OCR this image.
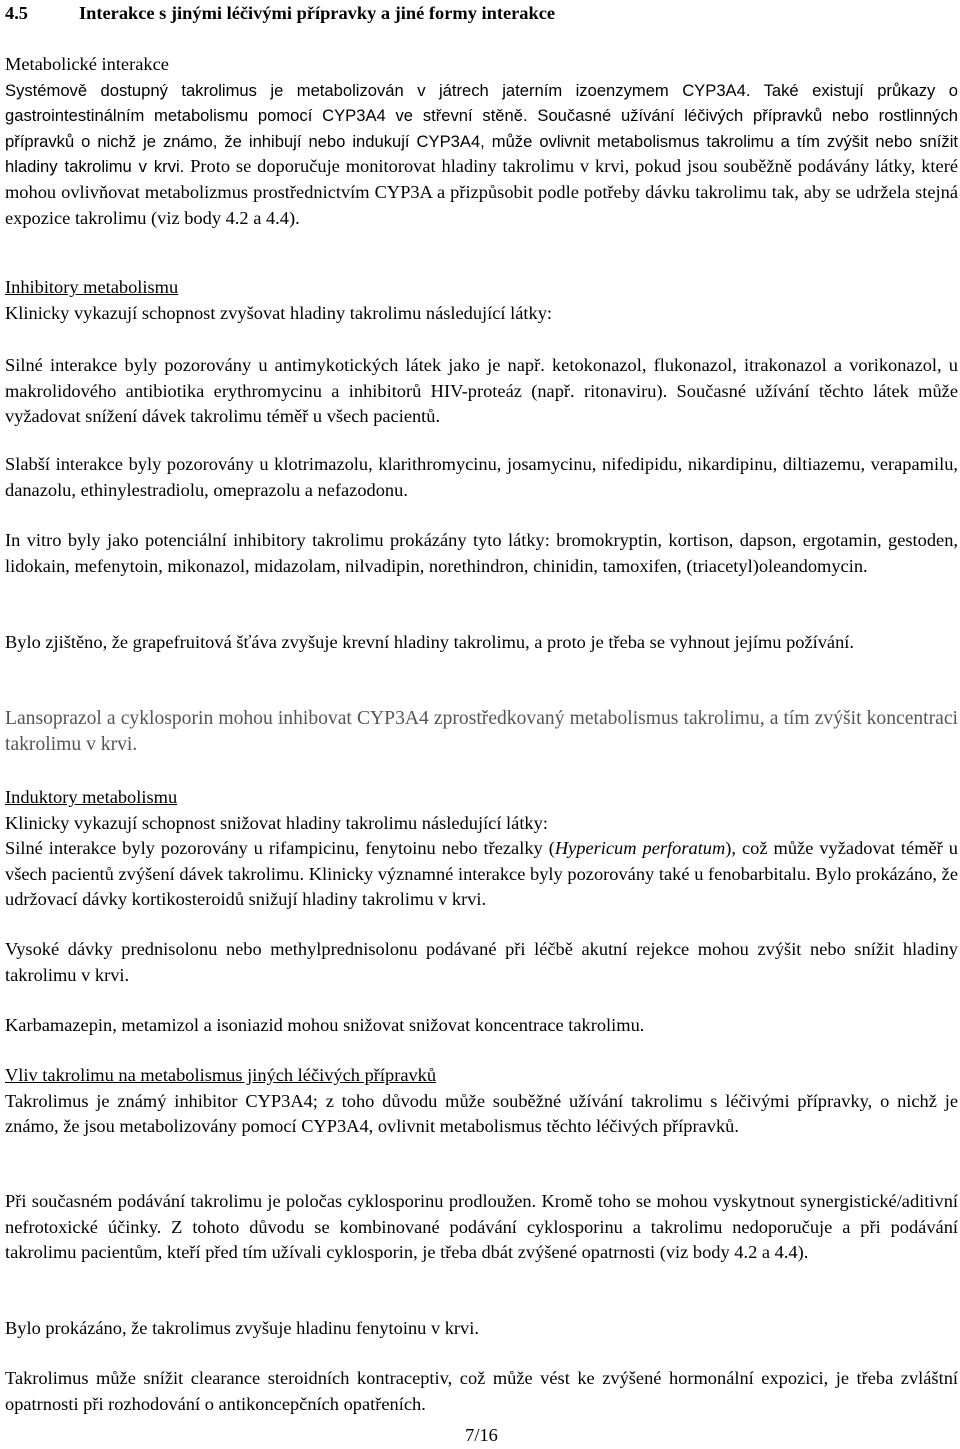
4.5	Interakce s jinými léčivými přípravky a jiné formy interakce

Metabolické interakce
Systémově dostupný takrolimus je metabolizován v játrech jaterním izoenzymem CYP3A4. Také existují průkazy o gastrointestinálním metabolismu pomocí CYP3A4 ve střevní stěně. Současné užívání léčivých přípravků nebo rostlinných přípravků o nichž je známo, že inhibují nebo indukují CYP3A4, může ovlivnit metabolismus takrolimu a tím zvýšit nebo snížit hladiny takrolimu v krvi. Proto se doporučuje monitorovat hladiny takrolimu v krvi, pokud jsou souběžně podávány látky, které mohou ovlivňovat metabolizmus prostřednictvím CYP3A a přizpůsobit podle potřeby dávku takrolimu tak, aby se udržela stejná expozice takrolimu (viz body 4.2 a 4.4).

Inhibitory metabolismu
Klinicky vykazují schopnost zvyšovat hladiny takrolimu následující látky:

Silné interakce byly pozorovány u antimykotických látek jako je např. ketokonazol, flukonazol, itrakonazol a vorikonazol, u makrolidového antibiotika erythromycinu a inhibitorů HIV-proteáz (např. ritonaviru). Současné užívání těchto látek může vyžadovat snížení dávek takrolimu téměř u všech pacientů.

Slabší interakce byly pozorovány u klotrimazolu, klarithromycinu, josamycinu, nifedipidu, nikardipinu, diltiazemu, verapamilu, danazolu, ethinylestradiolu, omeprazolu a nefazodonu.

In vitro byly jako potenciální inhibitory takrolimu prokázány tyto látky: bromokryptin, kortison, dapson, ergotamin, gestoden, lidokain, mefenytoin, mikonazol, midazolam, nilvadipin, norethindron, chinidin, tamoxifen, (triacetyl)oleandomycin.

Bylo zjištěno, že grapefruitová šťáva zvyšuje krevní hladiny takrolimu, a proto je třeba se vyhnout jejímu požívání.

Lansoprazol a cyklosporin mohou inhibovat CYP3A4 zprostředkovaný metabolismus takrolimu, a tím zvýšit koncentraci takrolimu v krvi.

Induktory metabolismu
Klinicky vykazují schopnost snižovat hladiny takrolimu následující látky:
Silné interakce byly pozorovány u rifampicinu, fenytoinu nebo třezalky (Hypericum perforatum), což může vyžadovat téměř u všech pacientů zvýšení dávek takrolimu. Klinicky významné interakce byly pozorovány také u fenobarbitalu. Bylo prokázáno, že udržovací dávky kortikosteroidů snižují hladiny takrolimu v krvi.

Vysoké dávky prednisolonu nebo methylprednisolonu podávané při léčbě akutní rejekce mohou zvýšit nebo snížit hladiny takrolimu v krvi.

Karbamazepin, metamizol a isoniazid mohou snižovat snižovat koncentrace takrolimu.

Vliv takrolimu na metabolismus jiných léčivých přípravků
Takrolimus je známý inhibitor CYP3A4; z toho důvodu může souběžné užívání takrolimu s léčivými přípravky, o nichž je známo, že jsou metabolizovány pomocí CYP3A4, ovlivnit metabolismus těchto léčivých přípravků.

Při současném podávání takrolimu je poločas cyklosporinu prodloužen. Kromě toho se mohou vyskytnout synergistické/aditivní nefrotoxické účinky. Z tohoto důvodu se kombinované podávání cyklosporinu a takrolimu nedoporučuje a při podávání takrolimu pacientům, kteří před tím užívali cyklosporin, je třeba dbát zvýšené opatrnosti (viz body 4.2 a 4.4).

Bylo prokázáno, že takrolimus zvyšuje hladinu fenytoinu v krvi.

Takrolimus může snížit clearance steroidních kontraceptiv, což může vést ke zvýšené hormonální expozici, je třeba zvláštní opatrnosti při rozhodování o antikoncepčních opatřeních.

7/16
